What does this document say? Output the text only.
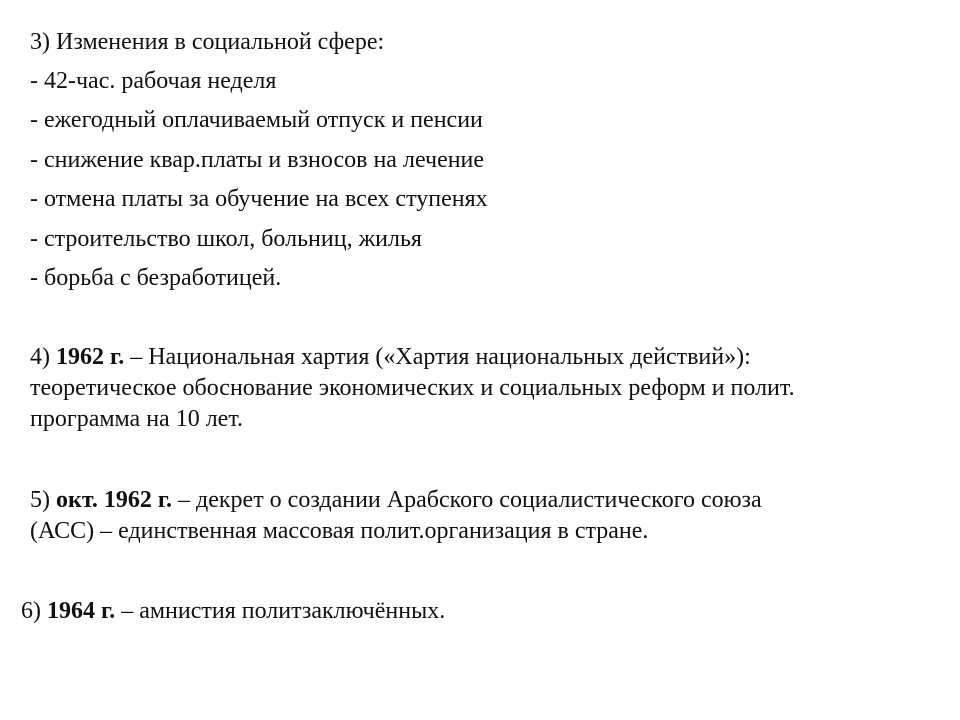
3) Изменения в социальной сфере:
- 42-час. рабочая неделя
- ежегодный оплачиваемый отпуск и пенсии
- снижение квар.платы и взносов на лечение
- отмена платы за обучение на всех ступенях
- строительство школ, больниц, жилья
- борьба с безработицей.
4) 1962 г. – Национальная хартия («Хартия национальных действий»):
теоретическое обоснование экономических и социальных реформ и полит.
программа на 10 лет.
5) окт. 1962 г. – декрет о создании Арабского социалистического союза
(АСС) – единственная массовая полит.организация в стране.
6) 1964 г. – амнистия политзаключённых.
